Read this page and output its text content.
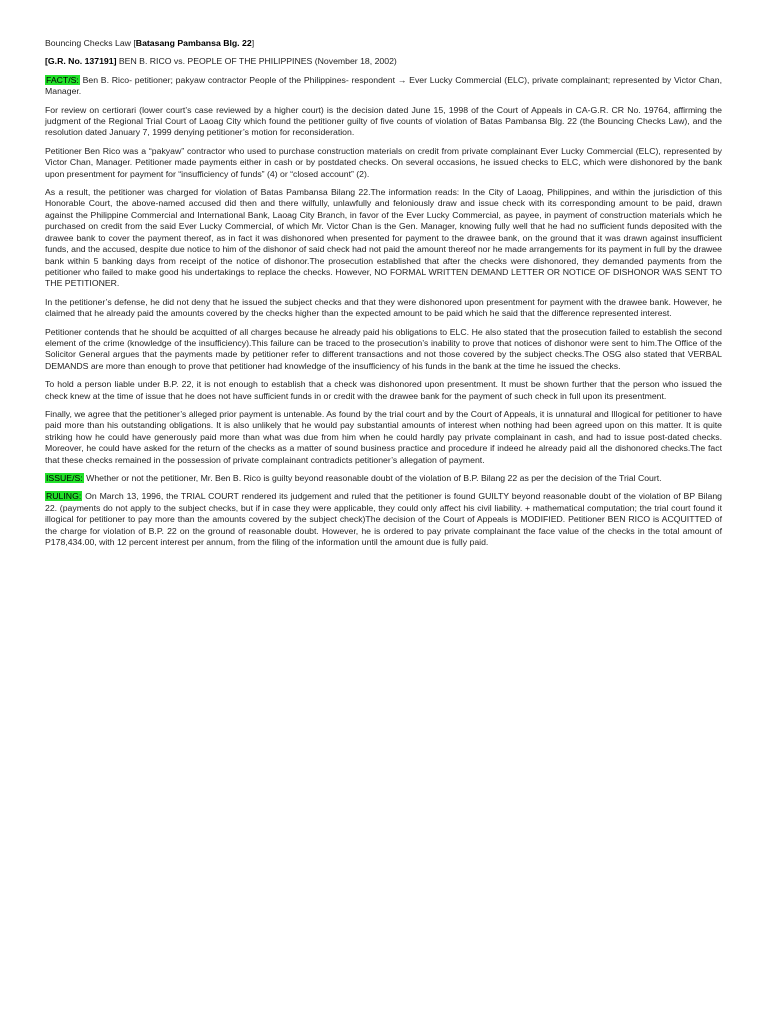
Bouncing Checks Law [Batasang Pambansa Blg. 22]

[G.R. No. 137191] BEN B. RICO vs. PEOPLE OF THE PHILIPPINES (November 18, 2002)

FACT/S: Ben B. Rico- petitioner; pakyaw contractor People of the Philippines- respondent → Ever Lucky Commercial (ELC), private complainant; represented by Victor Chan, Manager.

For review on certiorari (lower court’s case reviewed by a higher court) is the decision dated June 15, 1998 of the Court of Appeals in CA-G.R. CR No. 19764, affirming the judgment of the Regional Trial Court of Laoag City which found the petitioner guilty of five counts of violation of Batas Pambansa Blg. 22 (the Bouncing Checks Law), and the resolution dated January 7, 1999 denying petitioner’s motion for reconsideration.

Petitioner Ben Rico was a “pakyaw” contractor who used to purchase construction materials on credit from private complainant Ever Lucky Commercial (ELC), represented by Victor Chan, Manager. Petitioner made payments either in cash or by postdated checks. On several occasions, he issued checks to ELC, which were dishonored by the bank upon presentment for payment for “insufficiency of funds” (4) or “closed account” (2).

As a result, the petitioner was charged for violation of Batas Pambansa Bilang 22.The information reads: In the City of Laoag, Philippines, and within the jurisdiction of this Honorable Court, the above-named accused did then and there wilfully, unlawfully and feloniously draw and issue check with its corresponding amount to be paid, drawn against the Philippine Commercial and International Bank, Laoag City Branch, in favor of the Ever Lucky Commercial, as payee, in payment of construction materials which he purchased on credit from the said Ever Lucky Commercial, of which Mr. Victor Chan is the Gen. Manager, knowing fully well that he had no sufficient funds deposited with the drawee bank to cover the payment thereof, as in fact it was dishonored when presented for payment to the drawee bank, on the ground that it was drawn against insufficient funds, and the accused, despite due notice to him of the dishonor of said check had not paid the amount thereof nor he made arrangements for its payment in full by the drawee bank within 5 banking days from receipt of the notice of dishonor.The prosecution established that after the checks were dishonored, they demanded payments from the petitioner who failed to make good his undertakings to replace the checks. However, NO FORMAL WRITTEN DEMAND LETTER OR NOTICE OF DISHONOR WAS SENT TO THE PETITIONER.

In the petitioner’s defense, he did not deny that he issued the subject checks and that they were dishonored upon presentment for payment with the drawee bank. However, he claimed that he already paid the amounts covered by the checks higher than the expected amount to be paid which he said that the difference represented interest.

Petitioner contends that he should be acquitted of all charges because he already paid his obligations to ELC. He also stated that the prosecution failed to establish the second element of the crime (knowledge of the insufficiency).This failure can be traced to the prosecution’s inability to prove that notices of dishonor were sent to him.The Office of the Solicitor General argues that the payments made by petitioner refer to different transactions and not those covered by the subject checks.The OSG also stated that VERBAL DEMANDS are more than enough to prove that petitioner had knowledge of the insufficiency of his funds in the bank at the time he issued the checks.

To hold a person liable under B.P. 22, it is not enough to establish that a check was dishonored upon presentment. It must be shown further that the person who issued the check knew at the time of issue that he does not have sufficient funds in or credit with the drawee bank for the payment of such check in full upon its presentment.

Finally, we agree that the petitioner’s alleged prior payment is untenable. As found by the trial court and by the Court of Appeals, it is unnatural and Illogical for petitioner to have paid more than his outstanding obligations. It is also unlikely that he would pay substantial amounts of interest when nothing had been agreed upon on this matter. It is quite striking how he could have generously paid more than what was due from him when he could hardly pay private complainant in cash, and had to issue post-dated checks. Moreover, he could have asked for the return of the checks as a matter of sound business practice and procedure if indeed he already paid all the dishonored checks.The fact that these checks remained in the possession of private complainant contradicts petitioner’s allegation of payment.

ISSUE/S: Whether or not the petitioner, Mr. Ben B. Rico is guilty beyond reasonable doubt of the violation of B.P. Bilang 22 as per the decision of the Trial Court.

RULING: On March 13, 1996, the TRIAL COURT rendered its judgement and ruled that the petitioner is found GUILTY beyond reasonable doubt of the violation of BP Bilang 22. (payments do not apply to the subject checks, but if in case they were applicable, they could only affect his civil liability. + mathematical computation; the trial court found it illogical for petitioner to pay more than the amounts covered by the subject check)The decision of the Court of Appeals is MODIFIED. Petitioner BEN RICO is ACQUITTED of the charge for violation of B.P. 22 on the ground of reasonable doubt. However, he is ordered to pay private complainant the face value of the checks in the total amount of P178,434.00, with 12 percent interest per annum, from the filing of the information until the amount due is fully paid.
